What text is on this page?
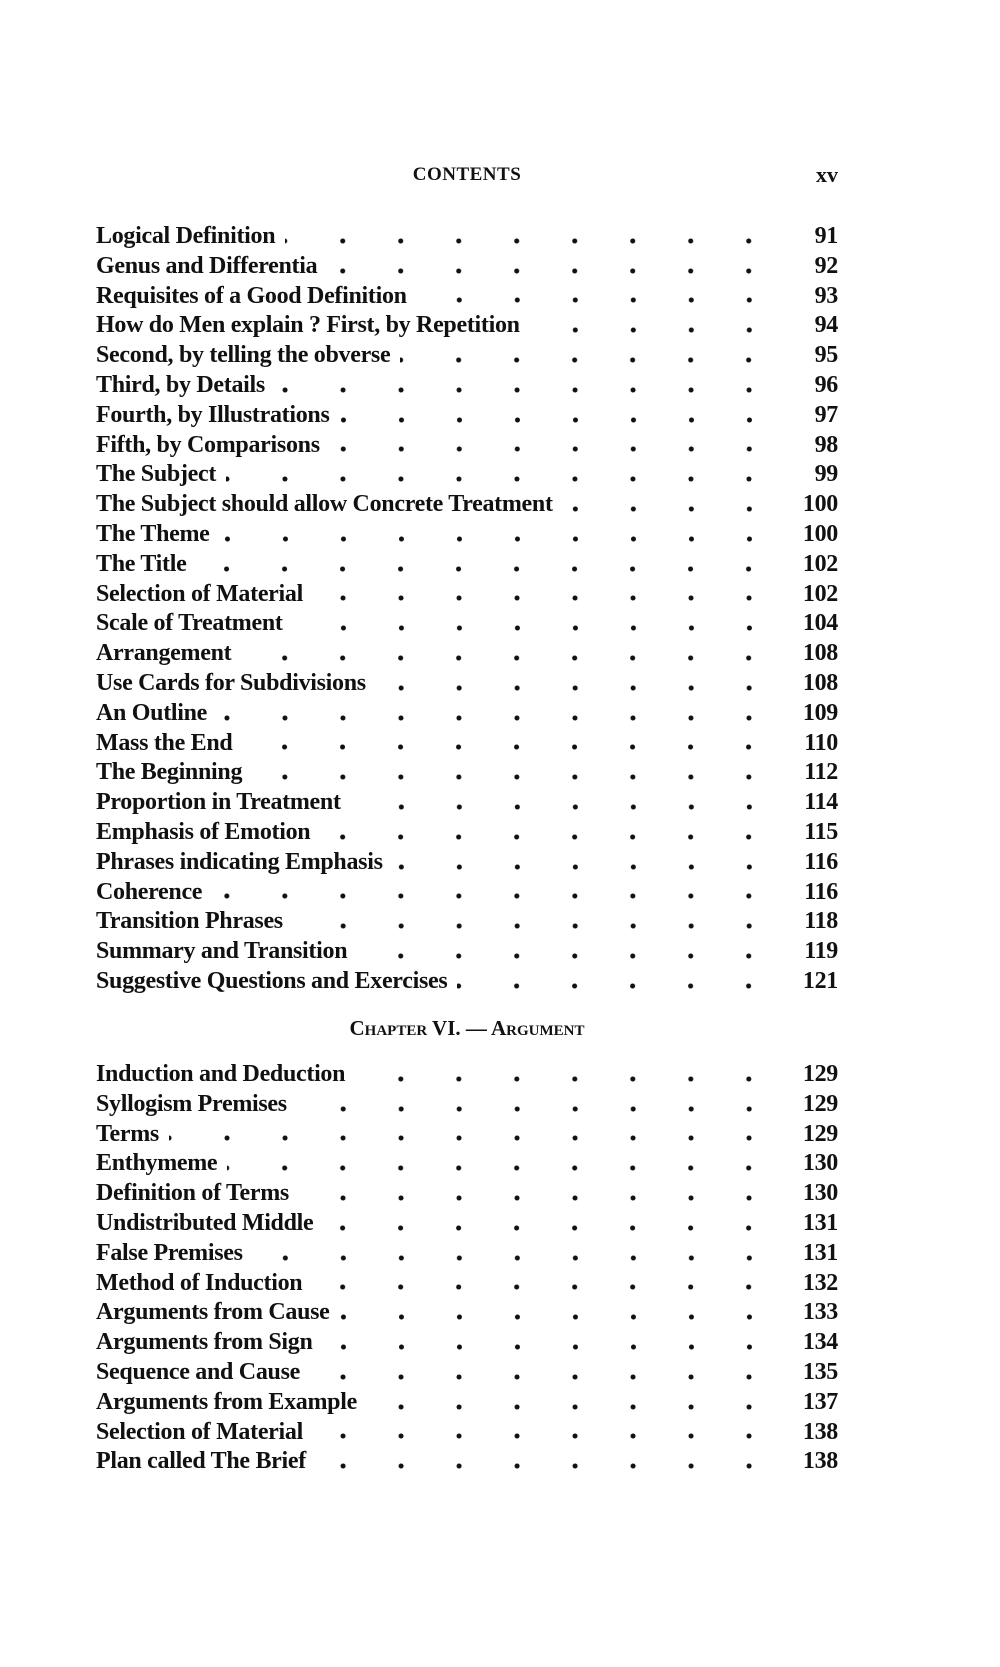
CONTENTS	xv
Logical Definition	91
Genus and Differentia	92
Requisites of a Good Definition	93
How do Men explain ? First, by Repetition	94
Second, by telling the obverse	95
Third, by Details	96
Fourth, by Illustrations	97
Fifth, by Comparisons	98
The Subject	99
The Subject should allow Concrete Treatment	100
The Theme	100
The Title	102
Selection of Material	102
Scale of Treatment	104
Arrangement	108
Use Cards for Subdivisions	108
An Outline	109
Mass the End	110
The Beginning	112
Proportion in Treatment	114
Emphasis of Emotion	115
Phrases indicating Emphasis	116
Coherence	116
Transition Phrases	118
Summary and Transition	119
Suggestive Questions and Exercises	121
Chapter VI. — Argument
Induction and Deduction	129
Syllogism Premises	129
Terms	129
Enthymeme	130
Definition of Terms	130
Undistributed Middle	131
False Premises	131
Method of Induction	132
Arguments from Cause	133
Arguments from Sign	134
Sequence and Cause	135
Arguments from Example	137
Selection of Material	138
Plan called The Brief	138
